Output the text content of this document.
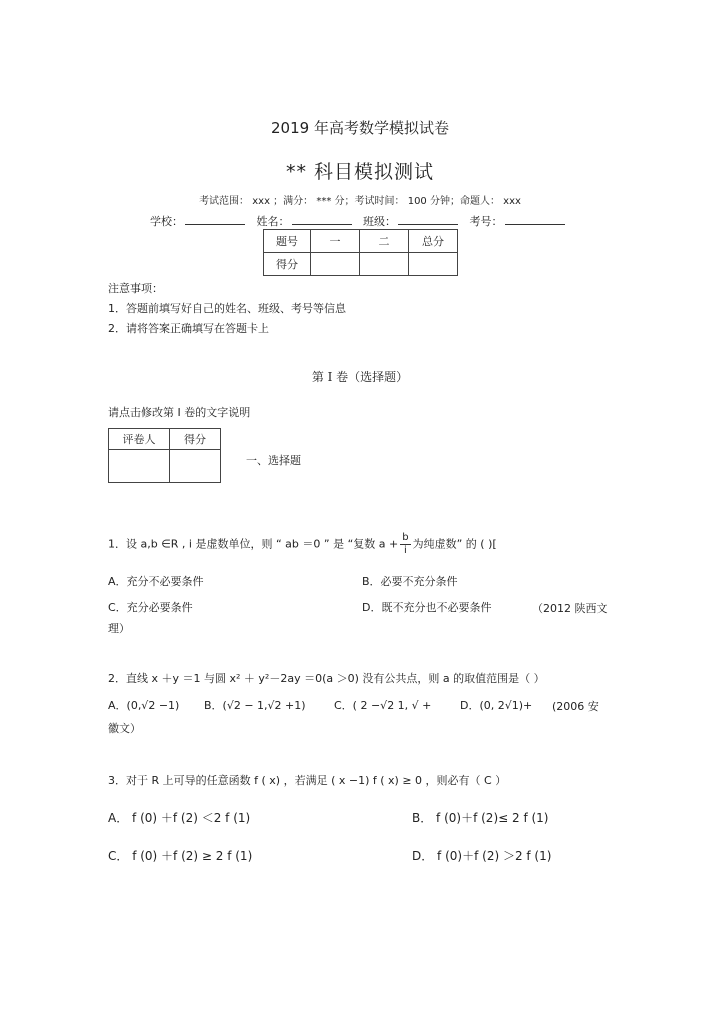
2019 年高考数学模拟试卷
** 科目模拟测试
考试范围： xxx ；满分： *** 分；考试时间： 100 分钟；命题人： xxx
学校：	姓名：	班级：	考号：
题号	一	二	总分
得分			
注意事项：
1．答题前填写好自己的姓名、班级、考号等信息
2．请将答案正确填写在答题卡上
第 I 卷（选择题）
请点击修改第 I 卷的文字说明
评卷人	得分

一、选择题
1．设 a,b ∈R , i 是虚数单位，则 “ ab ＝0 ” 是 “复数 $a + \frac{b}{i}$ 为纯虚数” 的 ( )[
A．充分不必要条件	B．必要不充分条件
C．充分必要条件	D．既不充分也不必要条件	（2012 陕西文
理）
2．直线 x ＋y ＝1 与圆 x² ＋ y²－2ay ＝0(a ＞0) 没有公共点，则 a 的取值范围是（ ）
A．(0,√2 −1) B．(√2 − 1,√2 +1)	C．( 2 −√2 1, √ +	D．(0, 2√1)+ (2006 安
徽文）
3．对于 R 上可导的任意函数 f ( x) ，若满足 ( x −1) f ( x) ≥ 0 ，则必有（ C ）
A． f (0) ＋f (2) ＜2 f (1)	B． f (0)＋f (2)≤ 2 f (1)
C． f (0) ＋f (2) ≥ 2 f (1)	D． f (0)＋f (2) ＞2 f (1)
